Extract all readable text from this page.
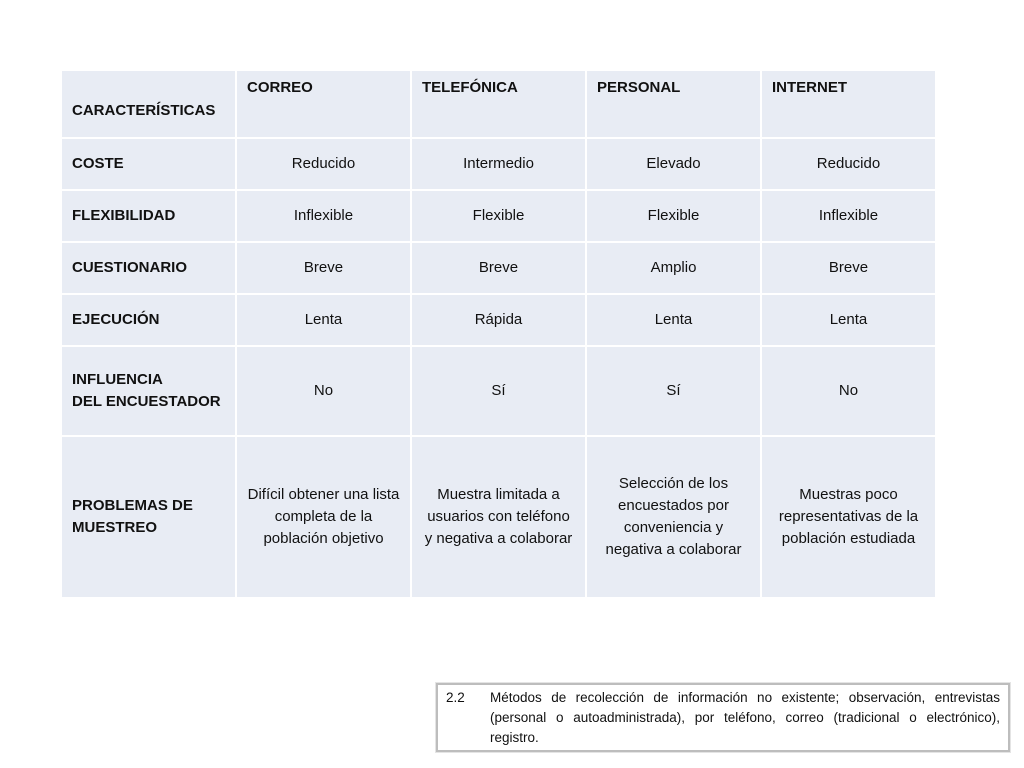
CARACTERÍSTICAS	CORREO	TELEFÓNICA	PERSONAL	INTERNET
COSTE	Reducido	Intermedio	Elevado	Reducido
FLEXIBILIDAD	Inflexible	Flexible	Flexible	Inflexible
CUESTIONARIO	Breve	Breve	Amplio	Breve
EJECUCIÓN	Lenta	Rápida	Lenta	Lenta

INFLUENCIA
DEL ENCUESTADOR	No	Sí	Sí	No

PROBLEMAS DE
MUESTREO	Difícil obtener una lista completa de la población objetivo	Muestra limitada a usuarios con teléfono y negativa a colaborar	Selección de los encuestados por conveniencia y negativa a colaborar	Muestras poco representativas de la población estudiada
2.2 Métodos de recolección de información no existente; observación, entrevistas (personal o autoadministrada), por teléfono, correo (tradicional o electrónico), registro.
